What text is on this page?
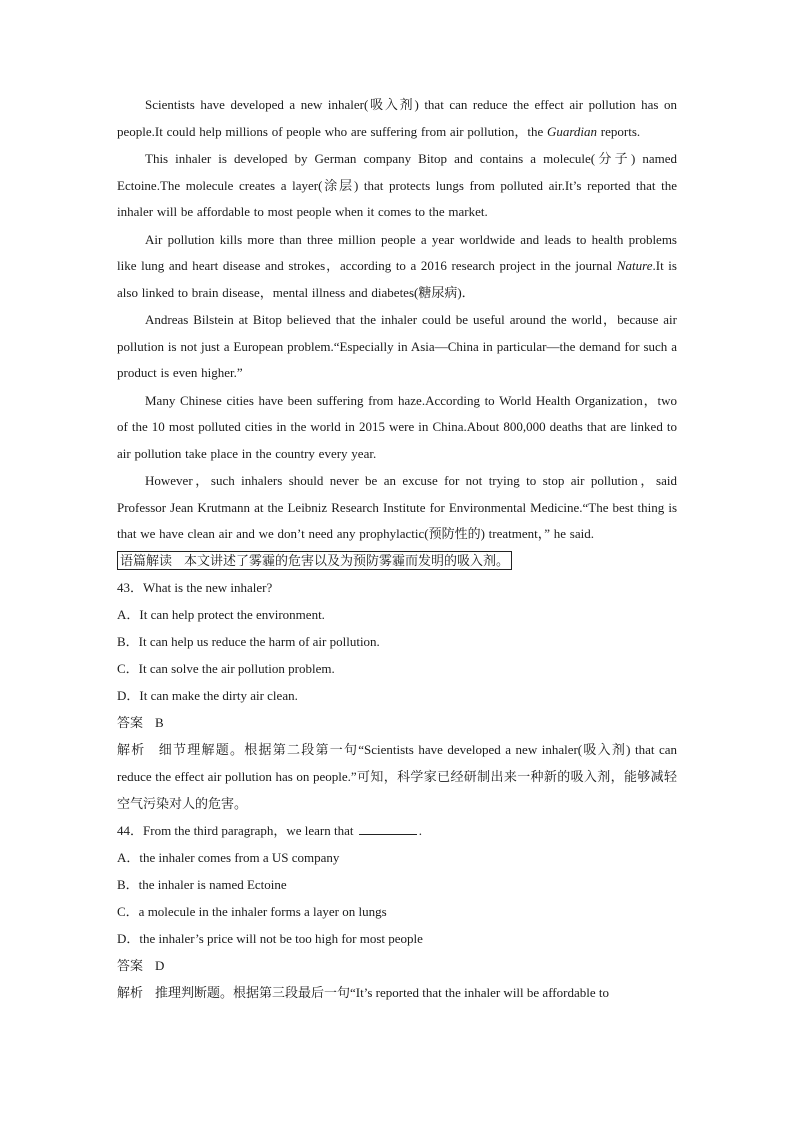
Scientists have developed a new inhaler(吸入剂) that can reduce the effect air pollution has on people.It could help millions of people who are suffering from air pollution，the Guardian reports.

This inhaler is developed by German company Bitop and contains a molecule(分子) named Ectoine.The molecule creates a layer(涂层) that protects lungs from polluted air.It’s reported that the inhaler will be affordable to most people when it comes to the market.

Air pollution kills more than three million people a year worldwide and leads to health problems like lung and heart disease and strokes，according to a 2016 research project in the journal Nature.It is also linked to brain disease，mental illness and diabetes(糖尿病)．

Andreas Bilstein at Bitop believed that the inhaler could be useful around the world，because air pollution is not just a European problem.“Especially in Asia—China in particular—the demand for such a product is even higher.”

Many Chinese cities have been suffering from haze.According to World Health Organization，two of the 10 most polluted cities in the world in 2015 were in China.About 800,000 deaths that are linked to air pollution take place in the country every year.

However，such inhalers should never be an excuse for not trying to stop air pollution，said Professor Jean Krutmann at the Leibniz Research Institute for Environmental Medicine.“The best thing is that we have clean air and we don’t need any prophylactic(预防性的) treatment，” he said.

语篇解读 本文讲述了雾霾的危害以及为预防雾霾而发明的吸入剂。

43．What is the new inhaler?

A．It can help protect the environment.

B．It can help us reduce the harm of air pollution.

C．It can solve the air pollution problem.

D．It can make the dirty air clean.

答案 B

解析 细节理解题。根据第二段第一句“Scientists have developed a new inhaler(吸入剂) that can reduce the effect air pollution has on people.”可知，科学家已经研制出来一种新的吸入剂，能够减轻空气污染对人的危害。

44．From the third paragraph，we learn that	.

A．the inhaler comes from a US company

B．the inhaler is named Ectoine

C．a molecule in the inhaler forms a layer on lungs

D．the inhaler’s price will not be too high for most people

答案 D

解析 推理判断题。根据第三段最后一句“It’s reported that the inhaler will be affordable to
